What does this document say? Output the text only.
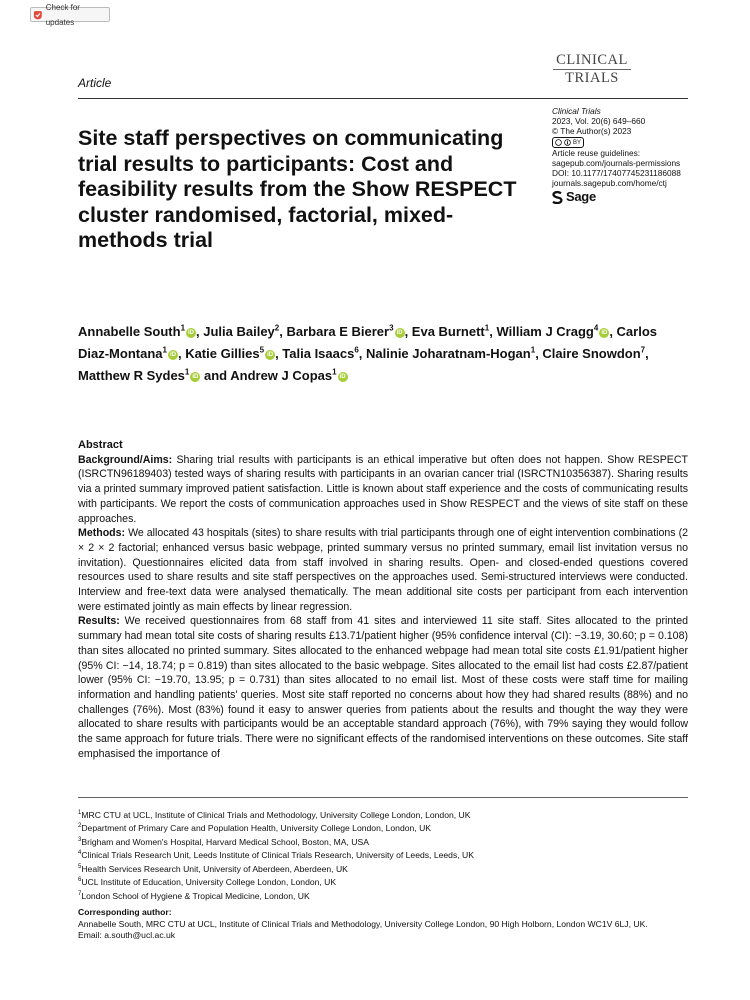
Check for updates
Article
CLINICAL
TRIALS
Clinical Trials
2023, Vol. 20(6) 649–660
© The Author(s) 2023
BY
Article reuse guidelines:
sagepub.com/journals-permissions
DOI: 10.1177/17407745231186088
journals.sagepub.com/home/ctj
Sage
Site staff perspectives on communicating trial results to participants: Cost and feasibility results from the Show RESPECT cluster randomised, factorial, mixed-methods trial
Annabelle South$^1$ iD , Julia Bailey$^2$, Barbara E Bierer$^3$ iD , Eva Burnett$^1$, William J Cragg$^4$ iD , Carlos Diaz-Montana$^1$ iD , Katie Gillies$^5$ iD , Talia Isaacs$^6$, Nalinie Joharatnam-Hogan$^1$, Claire Snowdon$^7$, Matthew R Sydes$^1$ iD and Andrew J Copas$^1$ iD
Abstract

Background/Aims: Sharing trial results with participants is an ethical imperative but often does not happen. Show RESPECT (ISRCTN96189403) tested ways of sharing results with participants in an ovarian cancer trial (ISRCTN10356387). Sharing results via a printed summary improved patient satisfaction. Little is known about staff experience and the costs of communicating results with participants. We report the costs of communication approaches used in Show RESPECT and the views of site staff on these approaches.

Methods: We allocated 43 hospitals (sites) to share results with trial participants through one of eight intervention combinations (2 × 2 × 2 factorial; enhanced versus basic webpage, printed summary versus no printed summary, email list invitation versus no invitation). Questionnaires elicited data from staff involved in sharing results. Open- and closed-ended questions covered resources used to share results and site staff perspectives on the approaches used. Semi-structured interviews were conducted. Interview and free-text data were analysed thematically. The mean additional site costs per participant from each intervention were estimated jointly as main effects by linear regression.

Results: We received questionnaires from 68 staff from 41 sites and interviewed 11 site staff. Sites allocated to the printed summary had mean total site costs of sharing results £13.71/patient higher (95% confidence interval (CI): −3.19, 30.60; p = 0.108) than sites allocated no printed summary. Sites allocated to the enhanced webpage had mean total site costs £1.91/patient higher (95% CI: −14, 18.74; p = 0.819) than sites allocated to the basic webpage. Sites allocated to the email list had costs £2.87/patient lower (95% CI: −19.70, 13.95; p = 0.731) than sites allocated to no email list. Most of these costs were staff time for mailing information and handling patients' queries. Most site staff reported no concerns about how they had shared results (88%) and no challenges (76%). Most (83%) found it easy to answer queries from patients about the results and thought the way they were allocated to share results with participants would be an acceptable standard approach (76%), with 79% saying they would follow the same approach for future trials. There were no significant effects of the randomised interventions on these outcomes. Site staff emphasised the importance of

$^1$MRC CTU at UCL, Institute of Clinical Trials and Methodology, University College London, London, UK
$^2$Department of Primary Care and Population Health, University College London, London, UK
$^3$Brigham and Women's Hospital, Harvard Medical School, Boston, MA, USA
$^4$Clinical Trials Research Unit, Leeds Institute of Clinical Trials Research, University of Leeds, Leeds, UK
$^5$Health Services Research Unit, University of Aberdeen, Aberdeen, UK
$^6$UCL Institute of Education, University College London, London, UK
$^7$London School of Hygiene & Tropical Medicine, London, UK
Corresponding author:
Annabelle South, MRC CTU at UCL, Institute of Clinical Trials and Methodology, University College London, 90 High Holborn, London WC1V 6LJ, UK.
Email: a.south@ucl.ac.uk
